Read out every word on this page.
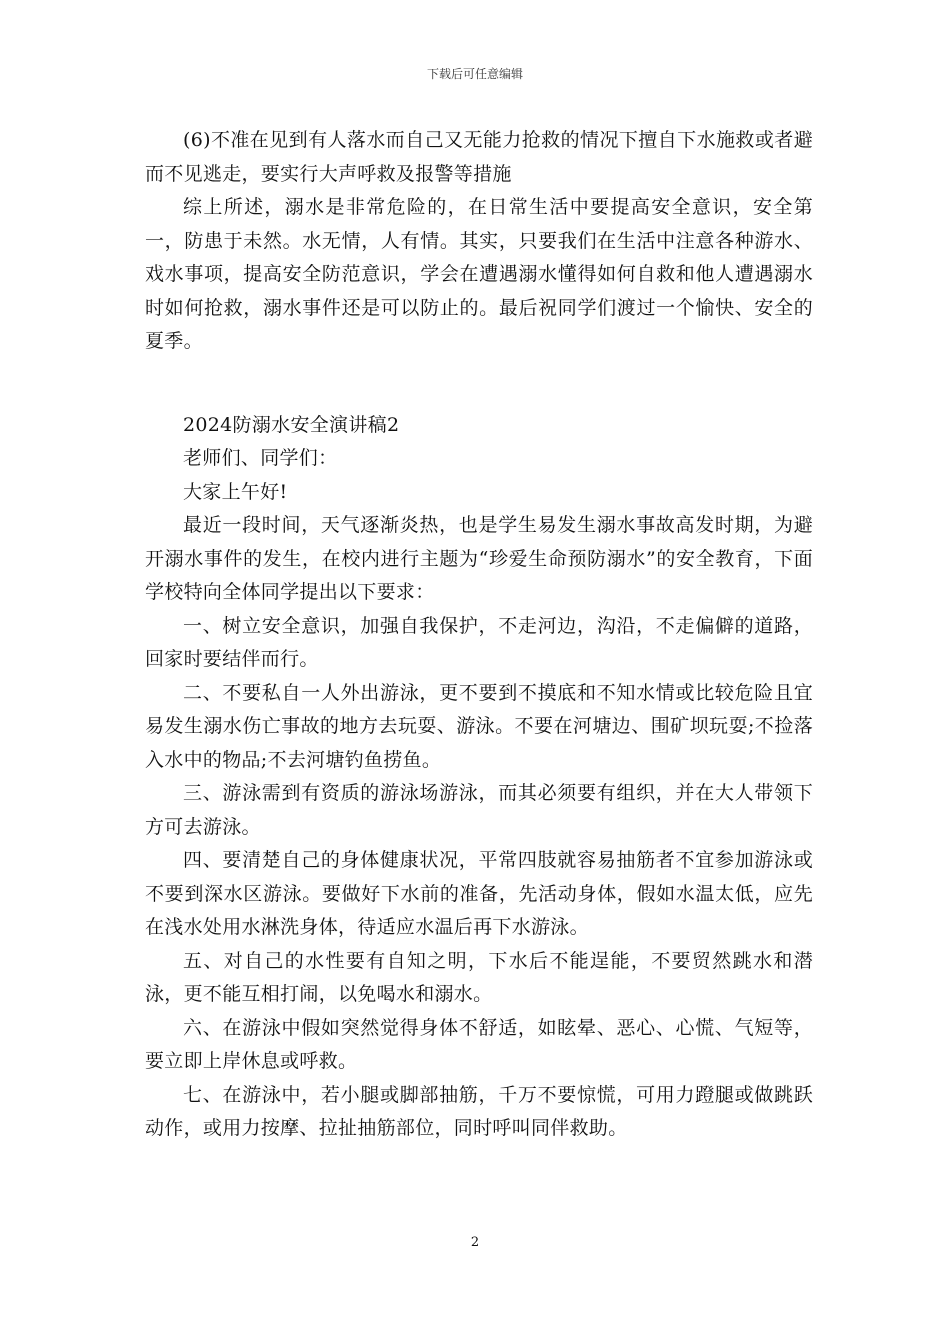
下载后可任意编辑

(6)不准在见到有人落水而自己又无能力抢救的情况下擅自下水施救或者避而不见逃走，要实行大声呼救及报警等措施

综上所述，溺水是非常危险的，在日常生活中要提高安全意识，安全第一，防患于未然。水无情，人有情。其实，只要我们在生活中注意各种游水、戏水事项，提高安全防范意识，学会在遭遇溺水懂得如何自救和他人遭遇溺水时如何抢救，溺水事件还是可以防止的。最后祝同学们渡过一个愉快、安全的夏季。

2024防溺水安全演讲稿2

老师们、同学们：

大家上午好!

最近一段时间，天气逐渐炎热，也是学生易发生溺水事故高发时期，为避开溺水事件的发生，在校内进行主题为“珍爱生命预防溺水”的安全教育，下面学校特向全体同学提出以下要求：

一、树立安全意识，加强自我保护，不走河边，沟沿，不走偏僻的道路，回家时要结伴而行。

二、不要私自一人外出游泳，更不要到不摸底和不知水情或比较危险且宜易发生溺水伤亡事故的地方去玩耍、游泳。不要在河塘边、围矿坝玩耍;不捡落入水中的物品;不去河塘钓鱼捞鱼。

三、游泳需到有资质的游泳场游泳，而其必须要有组织，并在大人带领下方可去游泳。

四、要清楚自己的身体健康状况，平常四肢就容易抽筋者不宜参加游泳或不要到深水区游泳。要做好下水前的准备，先活动身体，假如水温太低，应先在浅水处用水淋洗身体，待适应水温后再下水游泳。

五、对自己的水性要有自知之明，下水后不能逞能，不要贸然跳水和潜泳，更不能互相打闹，以免喝水和溺水。

六、在游泳中假如突然觉得身体不舒适，如眩晕、恶心、心慌、气短等，要立即上岸休息或呼救。

七、在游泳中，若小腿或脚部抽筋，千万不要惊慌，可用力蹬腿或做跳跃动作，或用力按摩、拉扯抽筋部位，同时呼叫同伴救助。

2
